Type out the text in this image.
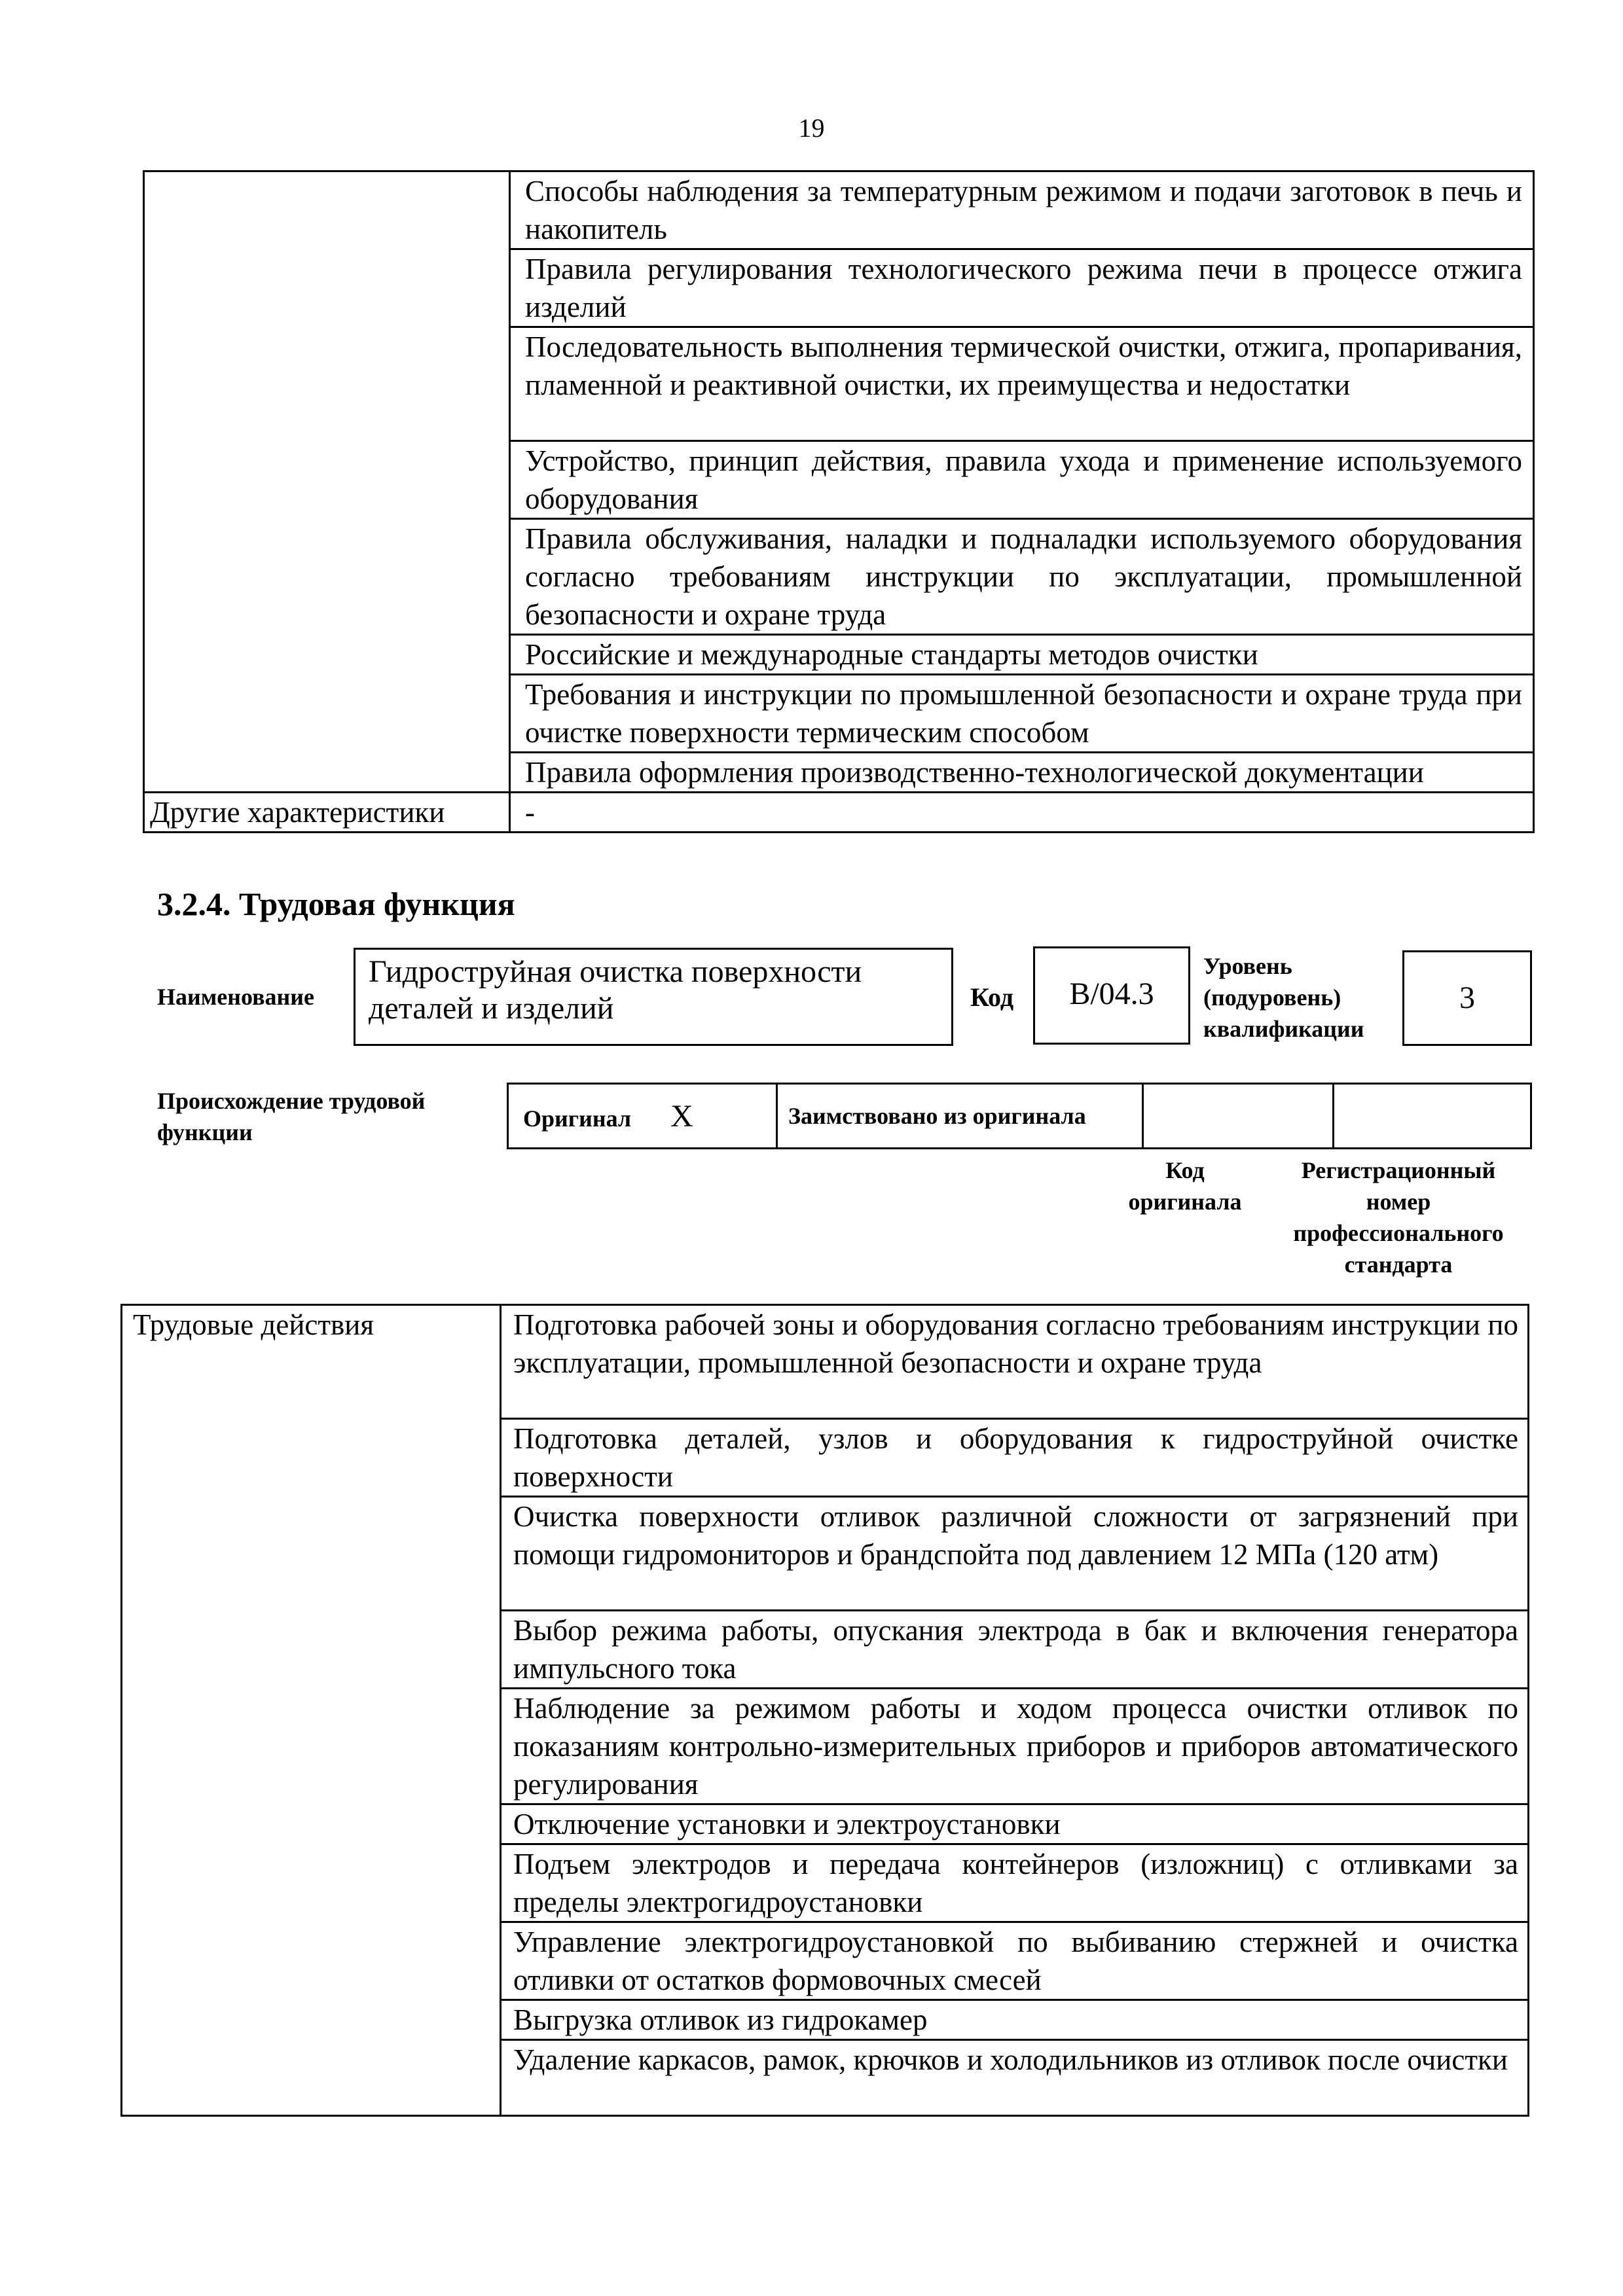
19
	Способы наблюдения за температурным режимом и подачи заготовок в печь и накопитель
	Правила регулирования технологического режима печи в процессе отжига изделий
	Последовательность выполнения термической очистки, отжига, пропаривания, пламенной и реактивной очистки, их преимущества и недостатки
	Устройство, принцип действия, правила ухода и применение используемого оборудования
	Правила обслуживания, наладки и подналадки используемого оборудования согласно требованиям инструкции по эксплуатации, промышленной безопасности и охране труда
	Российские и международные стандарты методов очистки
	Требования и инструкции по промышленной безопасности и охране труда при очистке поверхности термическим способом
	Правила оформления производственно-технологической документации
Другие характеристики	-
3.2.4. Трудовая функция
Наименование
Гидроструйная очистка поверхности деталей и изделий	Код	B/04.3
Уровень
(подуровень)
квалификации
3
Происхождение трудовой
функции
Оригинал X	Заимствовано из оригинала		
Код
оригинала
Регистрационный
номер
профессионального
стандарта
Трудовые действия	Подготовка рабочей зоны и оборудования согласно требованиям инструкции по эксплуатации, промышленной безопасности и охране труда
Подготовка деталей, узлов и оборудования к гидроструйной очистке поверхности
Очистка поверхности отливок различной сложности от загрязнений при помощи гидромониторов и брандспойта под давлением 12 МПа (120 атм)
Выбор режима работы, опускания электрода в бак и включения генератора импульсного тока
Наблюдение за режимом работы и ходом процесса очистки отливок по показаниям контрольно-измерительных приборов и приборов автоматического регулирования
Отключение установки и электроустановки
Подъем электродов и передача контейнеров (изложниц) с отливками за пределы электрогидроустановки
Управление электрогидроустановкой по выбиванию стержней и очистка отливки от остатков формовочных смесей
Выгрузка отливок из гидрокамер
Удаление каркасов, рамок, крючков и холодильников из отливок после очистки
